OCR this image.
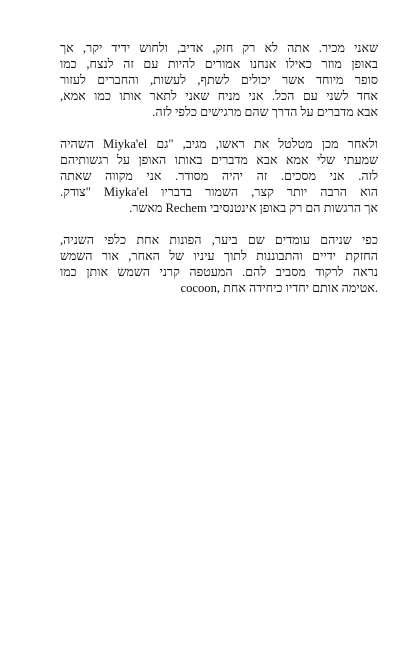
שאני מכיר. אתה לא רק חזק, אדיב, ולחוש ידיד יקר, אך
באופן מוזר כאילו אנחנו אמורים להיות עם זה לנצח, כמו
סופר מיוחד אשר יכולים לשתף, לעשות, והחברים לעזור
אחד לשני עם הכל. אני מניח שאני לתאר אותו כמו אמא,
אבא מדברים על הדרך שהם מרגישים כלפי לזה.
ולאחר מכן מטלטל את ראשו, מגיב, "גם Miyka'el השהיה
שמעתי שלי אמא אבא מדברים באותו האופן על רגשותיהם
לזה. אני מסכים. זה יהיה מסודר. אני מקווה שאתה
הוא הרבה יותר קצר, השמור בדבריו Miyka'el "צודק.
אך הרגשות הם רק באופן אינטנסיבי Rechem מאשר.
כפי שניהם עומדים שם ביער, הפונות אחת כלפי השניה,
החזקת ידיים והתבוננות לתוך עיניו של האחר, אור השמש
נראה לרקוד מסביב להם. המעטפה קרני השמש אותן כמו
cocoon, אטימה אותם יחדיו כיחידה אחת.
